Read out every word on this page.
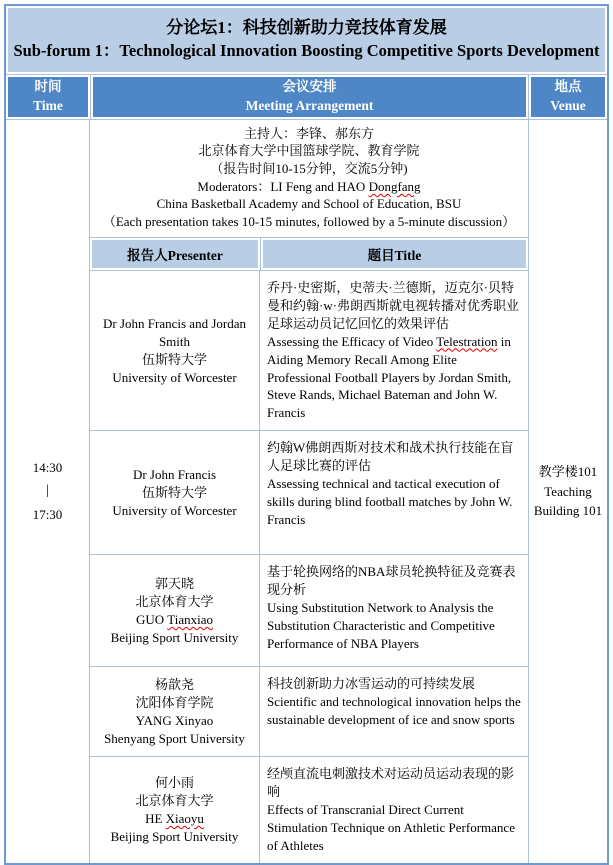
分论坛1：科技创新助力竞技体育发展
Sub-forum 1：Technological Innovation Boosting Competitive Sports Development
时间
Time
会议安排
Meeting Arrangement
地点
Venue
14:30
|
17:30
主持人：李锋、郝东方
北京体育大学中国篮球学院、教育学院
（报告时间10-15分钟，交流5分钟)
Moderators：LI Feng and HAO Dongfang
China Basketball Academy and School of Education, BSU
（Each presentation takes 10-15 minutes, followed by a 5-minute discussion）
报告人Presenter	题目Title
Dr John Francis and Jordan Smith
伍斯特大学
University of Worcester
乔丹·史密斯，史蒂夫·兰德斯，迈克尔·贝特曼和约翰·w·弗朗西斯就电视转播对优秀职业足球运动员记忆回忆的效果评估
Assessing the Efficacy of Video Telestration in Aiding Memory Recall Among Elite Professional Football Players by Jordan Smith, Steve Rands, Michael Bateman and John W. Francis
Dr John Francis
伍斯特大学
University of Worcester
约翰W佛朗西斯对技术和战术执行技能在盲人足球比赛的评估
Assessing technical and tactical execution of skills during blind football matches by John W. Francis
郭天晓
北京体育大学
GUO Tianxiao
Beijing Sport University
基于轮换网络的NBA球员轮换特征及竞赛表现分析
Using Substitution Network to Analysis the Substitution Characteristic and Competitive Performance of NBA Players
杨歆尧
沈阳体育学院
YANG Xinyao
Shenyang Sport University
科技创新助力冰雪运动的可持续发展
Scientific and technological innovation helps the sustainable development of ice and snow sports
何小雨
北京体育大学
HE Xiaoyu
Beijing Sport University
经颅直流电刺激技术对运动员运动表现的影响
Effects of Transcranial Direct Current Stimulation Technique on Athletic Performance of Athletes
教学楼101
Teaching Building 101
